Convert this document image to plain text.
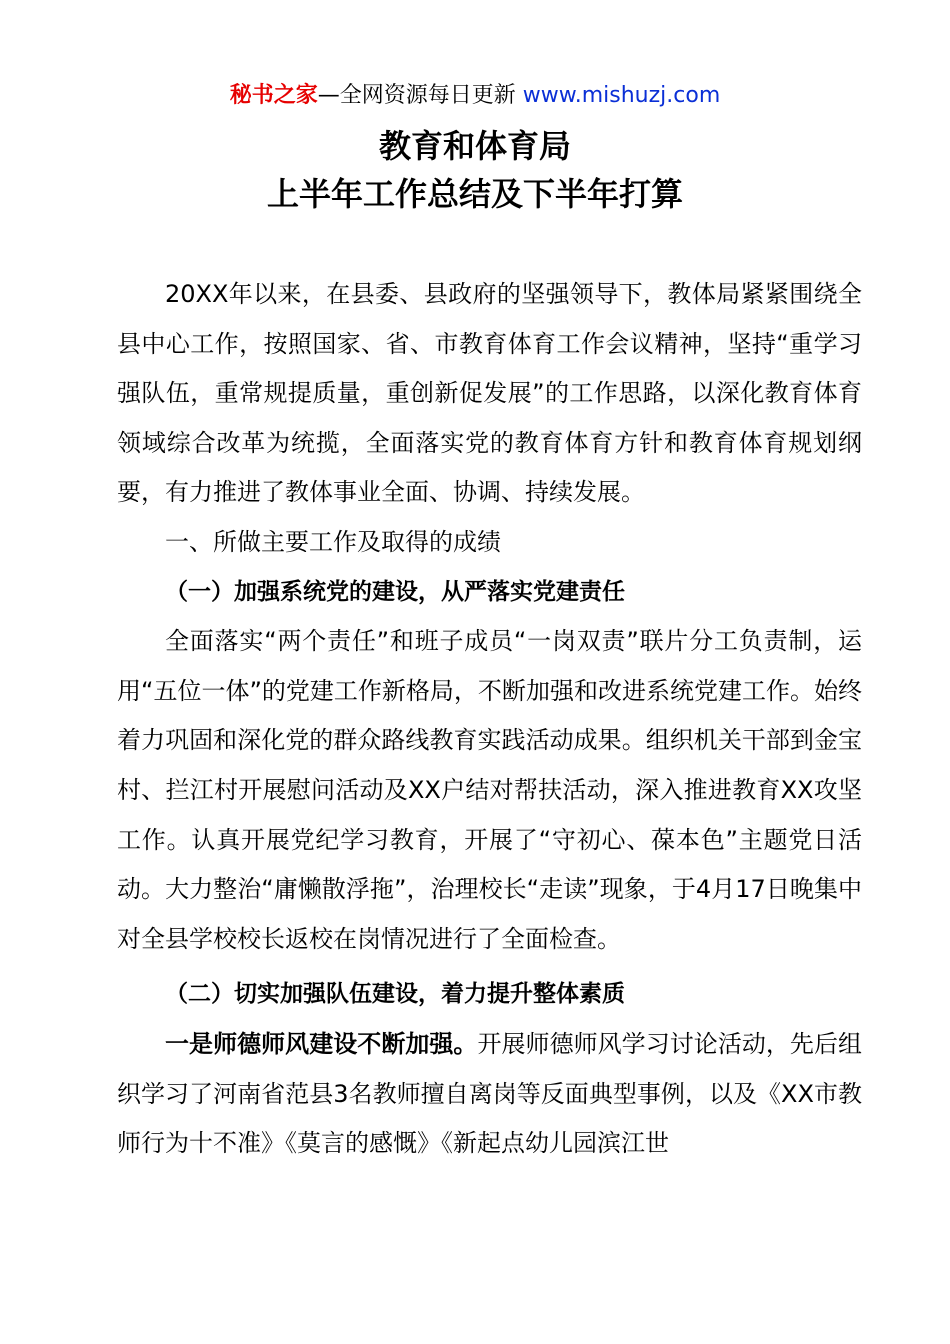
秘书之家—全网资源每日更新 www.mishuzj.com
教育和体育局
上半年工作总结及下半年打算

20XX年以来，在县委、县政府的坚强领导下，教体局紧紧围绕全县中心工作，按照国家、省、市教育体育工作会议精神，坚持“重学习强队伍，重常规提质量，重创新促发展”的工作思路，以深化教育体育领域综合改革为统揽，全面落实党的教育体育方针和教育体育规划纲要，有力推进了教体事业全面、协调、持续发展。

一、所做主要工作及取得的成绩

（一）加强系统党的建设，从严落实党建责任

全面落实“两个责任”和班子成员“一岗双责”联片分工负责制，运用“五位一体”的党建工作新格局，不断加强和改进系统党建工作。始终着力巩固和深化党的群众路线教育实践活动成果。组织机关干部到金宝村、拦江村开展慰问活动及XX户结对帮扶活动，深入推进教育XX攻坚工作。认真开展党纪学习教育，开展了“守初心、葆本色”主题党日活动。大力整治“庸懒散浮拖”，治理校长“走读”现象，于4月17日晚集中对全县学校校长返校在岗情况进行了全面检查。

（二）切实加强队伍建设，着力提升整体素质

一是师德师风建设不断加强。开展师德师风学习讨论活动，先后组织学习了河南省范县3名教师擅自离岗等反面典型事例，以及《XX市教师行为十不准》《莫言的感慨》《新起点幼儿园滨江世
